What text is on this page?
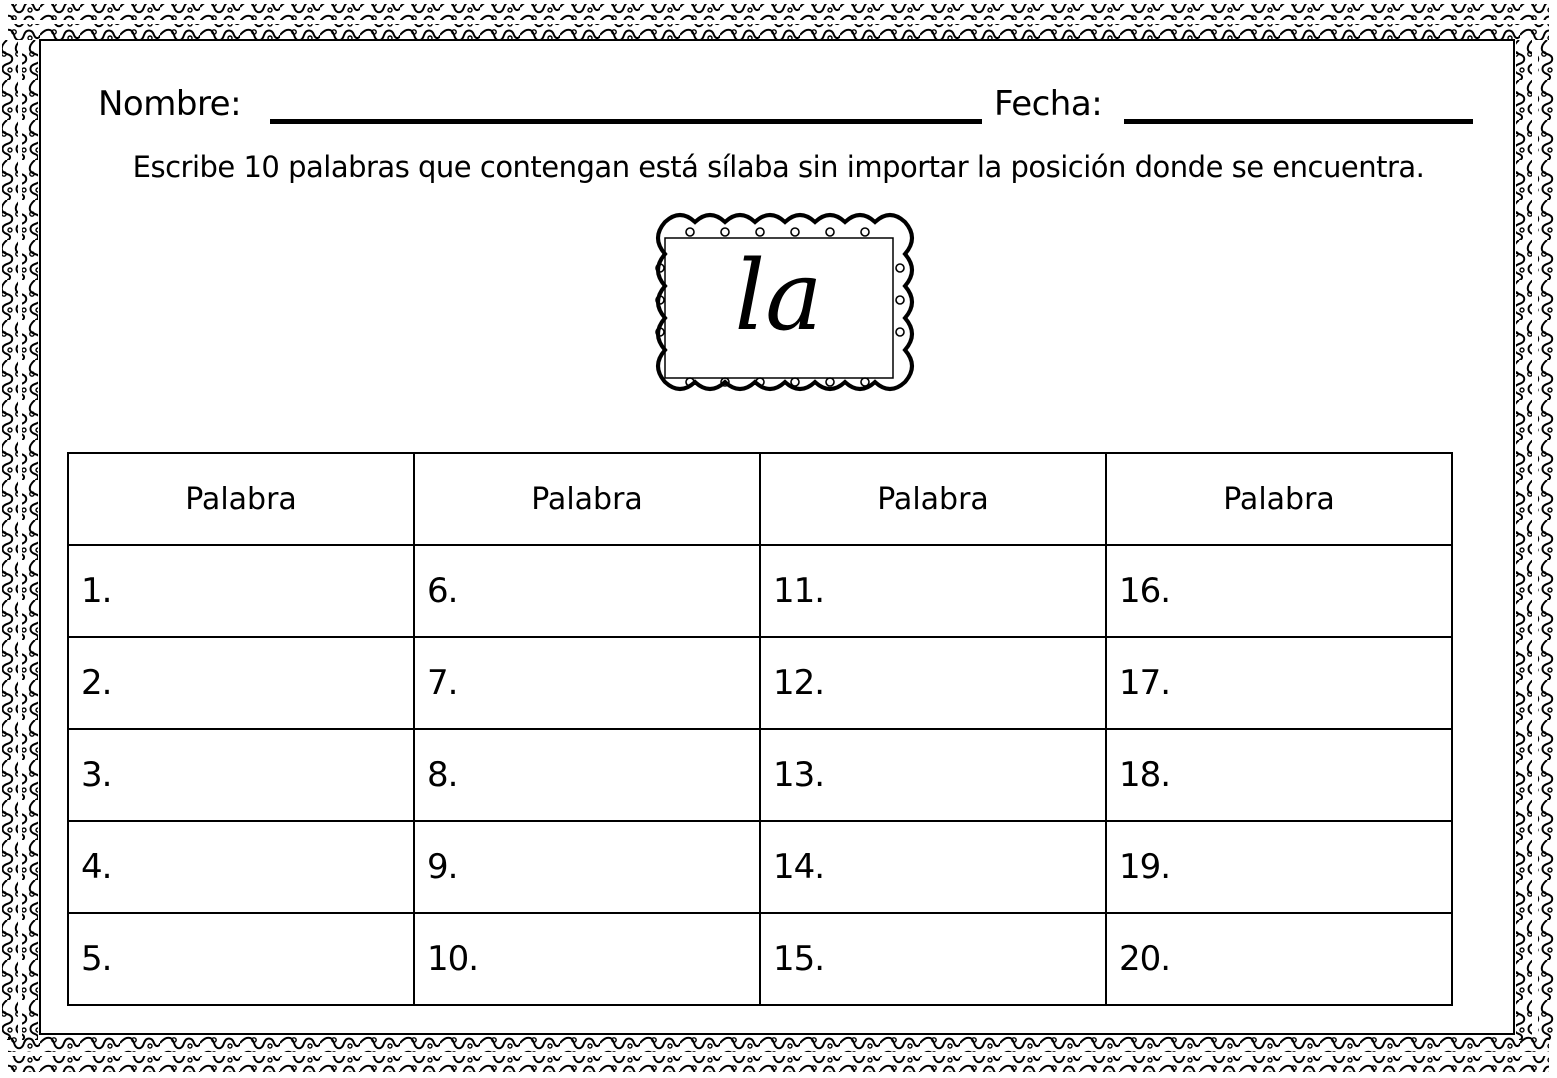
Nombre:	Fecha:
Escribe 10 palabras que contengan está sílaba sin importar la posición donde se encuentra.
la
Palabra	Palabra	Palabra	Palabra
1.	6.	11.	16.
2.	7.	12.	17.
3.	8.	13.	18.
4.	9.	14.	19.
5.	10.	15.	20.
